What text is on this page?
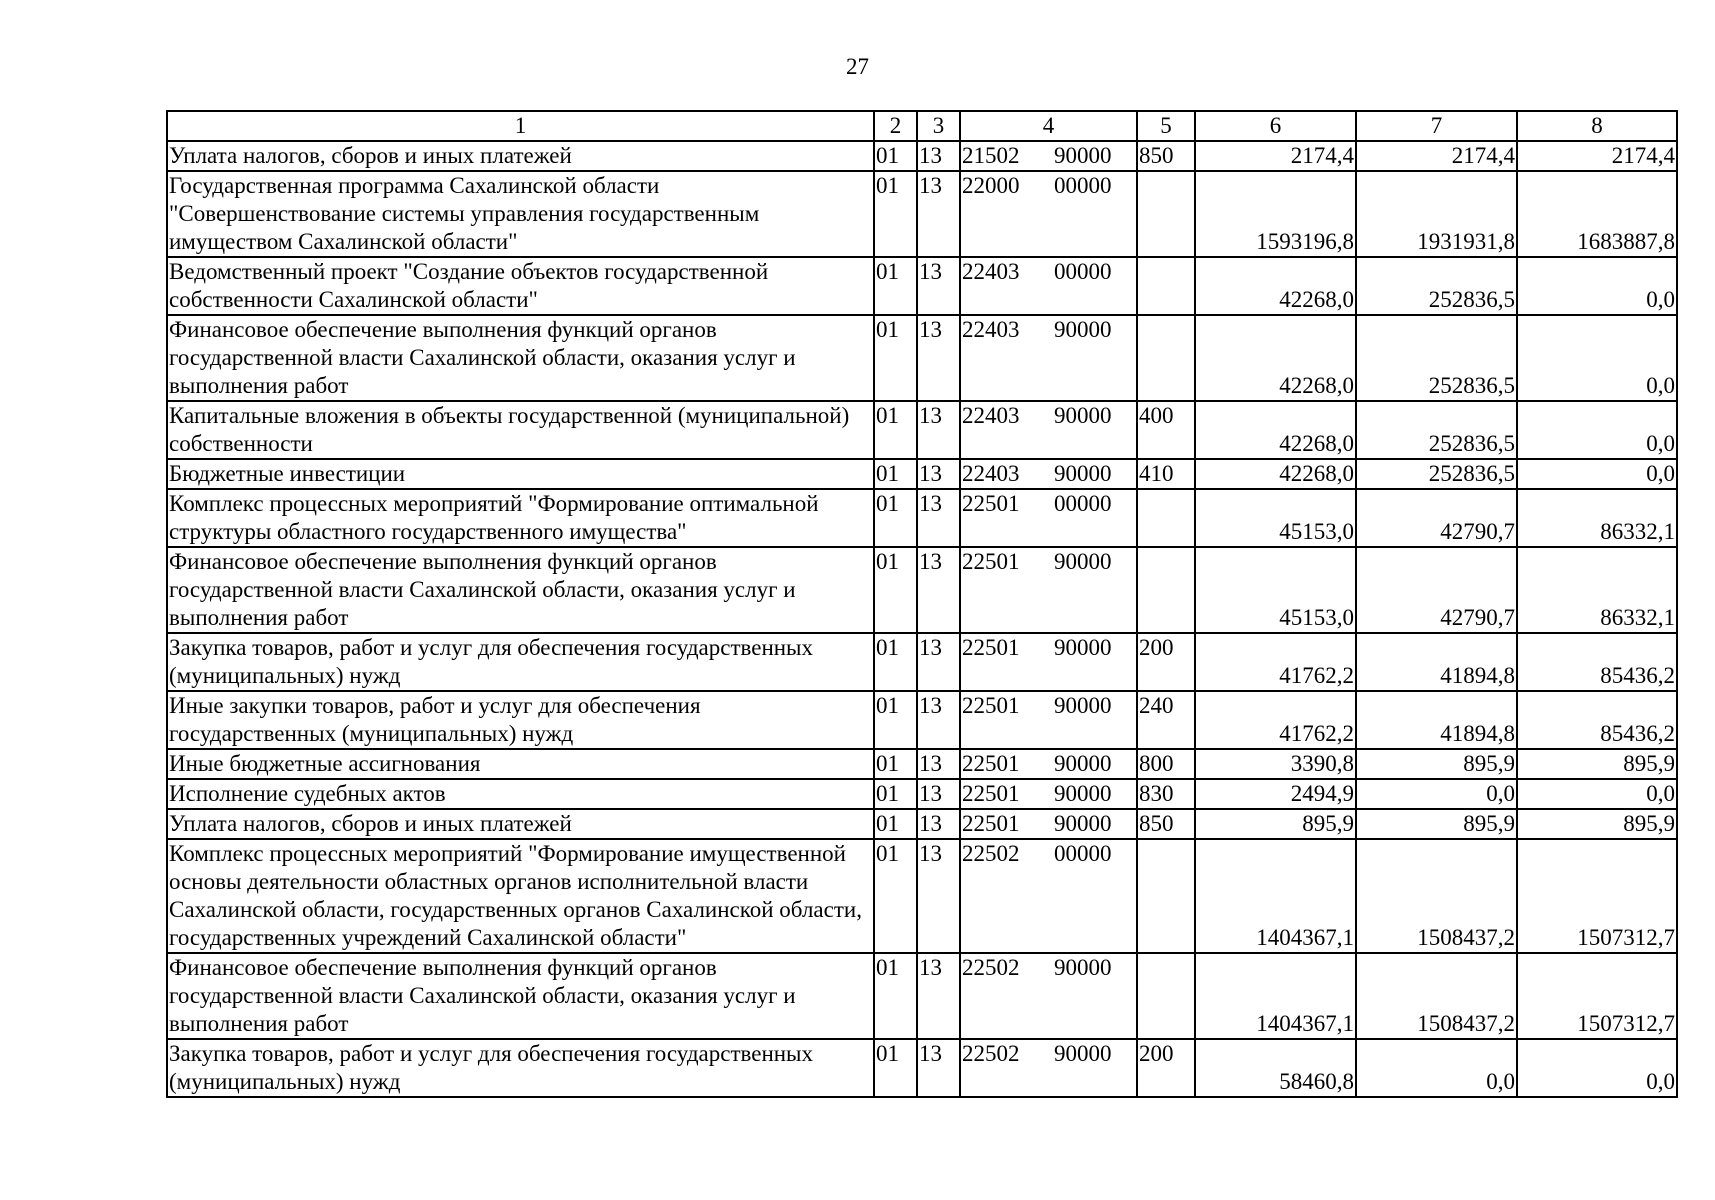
27
1	2	3	4	5	6	7	8
Уплата налогов, сборов и иных платежей	01	13	21502 90000	850	2174,4	2174,4	2174,4
Государственная программа Сахалинской области "Совершенствование системы управления государственным имуществом Сахалинской области"	01	13	22000 00000		1593196,8	1931931,8	1683887,8
Ведомственный проект "Создание объектов государственной собственности Сахалинской области"	01	13	22403 00000		42268,0	252836,5	0,0
Финансовое обеспечение выполнения функций органов государственной власти Сахалинской области, оказания услуг и выполнения работ	01	13	22403 90000		42268,0	252836,5	0,0
Капитальные вложения в объекты государственной (муниципальной) собственности	01	13	22403 90000	400	42268,0	252836,5	0,0
Бюджетные инвестиции	01	13	22403 90000	410	42268,0	252836,5	0,0
Комплекс процессных мероприятий "Формирование оптимальной структуры областного государственного имущества"	01	13	22501 00000		45153,0	42790,7	86332,1
Финансовое обеспечение выполнения функций органов государственной власти Сахалинской области, оказания услуг и выполнения работ	01	13	22501 90000		45153,0	42790,7	86332,1
Закупка товаров, работ и услуг для обеспечения государственных (муниципальных) нужд	01	13	22501 90000	200	41762,2	41894,8	85436,2
Иные закупки товаров, работ и услуг для обеспечения государственных (муниципальных) нужд	01	13	22501 90000	240	41762,2	41894,8	85436,2
Иные бюджетные ассигнования	01	13	22501 90000	800	3390,8	895,9	895,9
Исполнение судебных актов	01	13	22501 90000	830	2494,9	0,0	0,0
Уплата налогов, сборов и иных платежей	01	13	22501 90000	850	895,9	895,9	895,9
Комплекс процессных мероприятий "Формирование имущественной основы деятельности областных органов исполнительной власти Сахалинской области, государственных органов Сахалинской области, государственных учреждений Сахалинской области"	01	13	22502 00000		1404367,1	1508437,2	1507312,7
Финансовое обеспечение выполнения функций органов государственной власти Сахалинской области, оказания услуг и выполнения работ	01	13	22502 90000		1404367,1	1508437,2	1507312,7
Закупка товаров, работ и услуг для обеспечения государственных (муниципальных) нужд	01	13	22502 90000	200	58460,8	0,0	0,0
